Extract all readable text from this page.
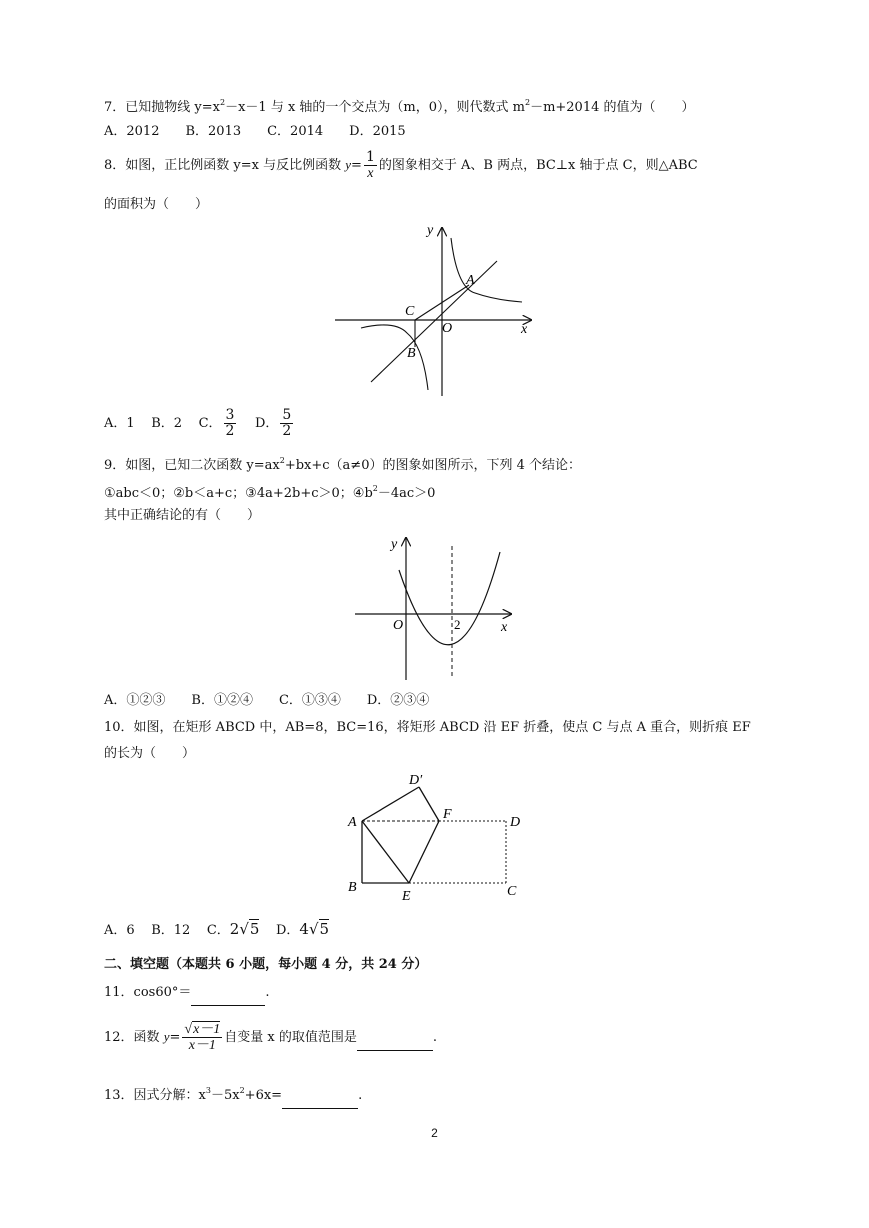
7．已知抛物线 $y=x^2-x-1$ 与 x 轴的一个交点为（m，0），则代数式 $m^2-m+2014$ 的值为（　　）
A．2012　　B．2013　　C．2014　　D．2015
8．如图，正比例函数 y=x 与反比例函数 $y= \frac{1}{x}$ 的图象相交于 A、B 两点，BC⊥x 轴于点 C，则△ABC
的面积为（　　）
y
x
A
C
O
B
A．1 B．2 C． $\frac{3}{2}$ D． $\frac{5}{2}$
9．如图，已知二次函数 $y=ax^2+bx+c(a\ne 0)$的图象如图所示，下列 4 个结论：
①abc＜0；②b＜a+c；③4a+2b+c＞0；$④b^2-4ac>0$
其中正确结论的有（　　）
y
x
O	2
A．①②③　　B．①②④　　C．①③④　　D．②③④
10．如图，在矩形 ABCD 中，AB=8，BC=16，将矩形 ABCD 沿 EF 折叠，使点 C 与点 A 重合，则折痕 EF
的长为（　　）
D′
A
F
D
B
E	C
A．6 B．12 C．2√5 D．4√5
二、填空题（本题共 6 小题，每小题 4 分，共 24 分）
11．cos60°＝	.
12．函数 $y= \frac{√x-1}{x-1}$ 自变量 x 的取值范围是	.
13．因式分解：$x^3-5x^2+6x=$	.
2
